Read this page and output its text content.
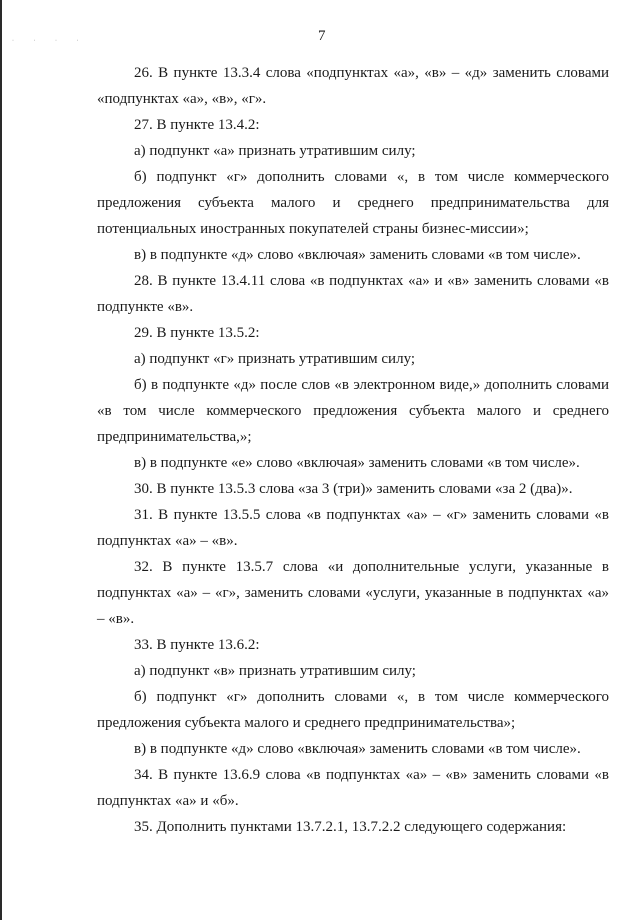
· · · ·	7

26. В пункте 13.3.4 слова «подпунктах «а», «в» – «д» заменить словами «подпунктах «а», «в», «г».

27. В пункте 13.4.2:

а) подпункт «а» признать утратившим силу;

б) подпункт «г» дополнить словами «, в том числе коммерческого предложения субъекта малого и среднего предпринимательства для потенциальных иностранных покупателей страны бизнес-миссии»;

в) в подпункте «д» слово «включая» заменить словами «в том числе».

28. В пункте 13.4.11 слова «в подпунктах «а» и «в» заменить словами «в подпункте «в».

29. В пункте 13.5.2:

а) подпункт «г» признать утратившим силу;

б) в подпункте «д» после слов «в электронном виде,» дополнить словами «в том числе коммерческого предложения субъекта малого и среднего предпринимательства,»;

в) в подпункте «е» слово «включая» заменить словами «в том числе».

30. В пункте 13.5.3 слова «за 3 (три)» заменить словами «за 2 (два)».

31. В пункте 13.5.5 слова «в подпунктах «а» – «г» заменить словами «в подпунктах «а» – «в».

32. В пункте 13.5.7 слова «и дополнительные услуги, указанные в подпунктах «а» – «г», заменить словами «услуги, указанные в подпунктах «а» – «в».

33. В пункте 13.6.2:

а) подпункт «в» признать утратившим силу;

б) подпункт «г» дополнить словами «, в том числе коммерческого предложения субъекта малого и среднего предпринимательства»;

в) в подпункте «д» слово «включая» заменить словами «в том числе».

34. В пункте 13.6.9 слова «в подпунктах «а» – «в» заменить словами «в подпунктах «а» и «б».

35. Дополнить пунктами 13.7.2.1, 13.7.2.2 следующего содержания:
